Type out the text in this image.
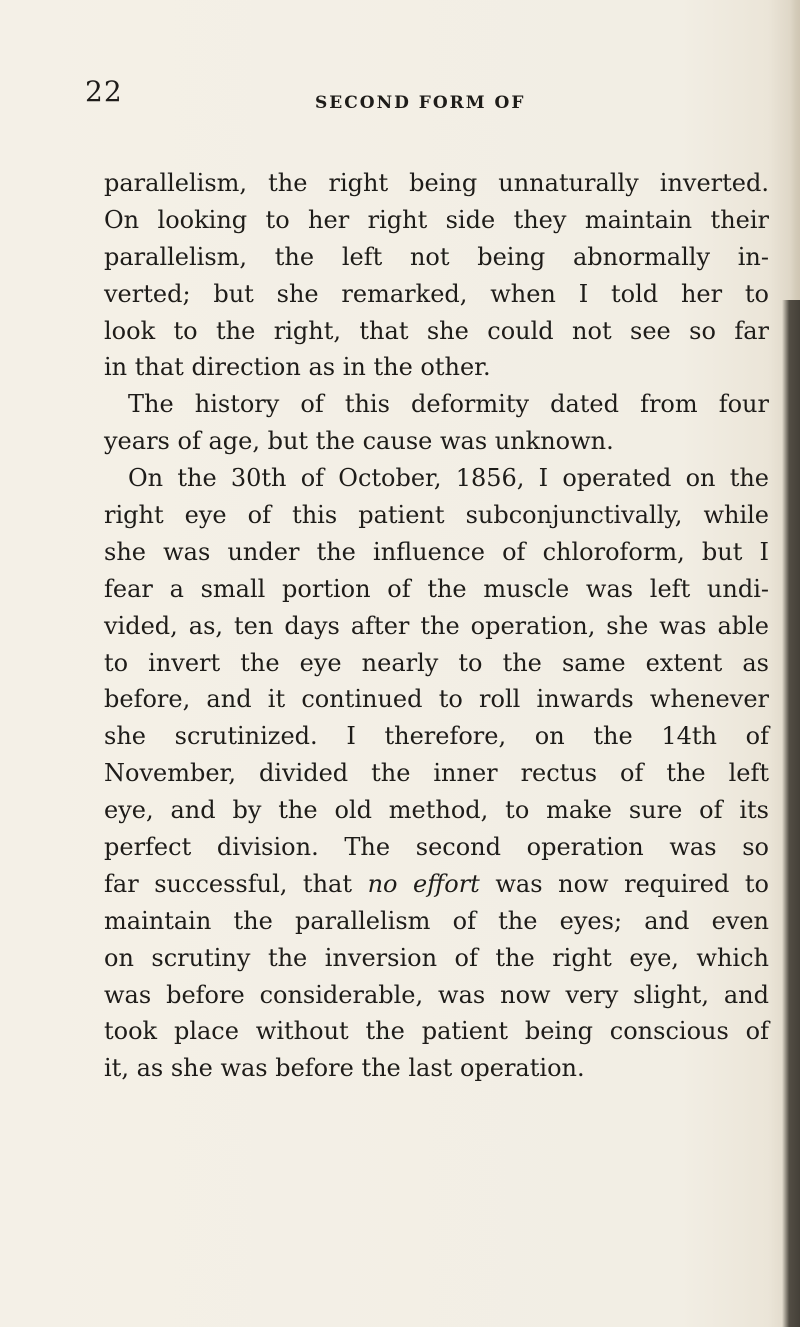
22	SECOND FORM OF
parallelism, the right being unnaturally inverted.
On looking to her right side they maintain their
parallelism, the left not being abnormally in-
verted; but she remarked, when I told her to
look to the right, that she could not see so far
in that direction as in the other.
The history of this deformity dated from four
years of age, but the cause was unknown.
On the 30th of October, 1856, I operated on the
right eye of this patient subconjunctivally, while
she was under the influence of chloroform, but I
fear a small portion of the muscle was left undi-
vided, as, ten days after the operation, she was able
to invert the eye nearly to the same extent as
before, and it continued to roll inwards whenever
she scrutinized. I therefore, on the 14th of
November, divided the inner rectus of the left
eye, and by the old method, to make sure of its
perfect division. The second operation was so
far successful, that no effort was now required to
maintain the parallelism of the eyes; and even
on scrutiny the inversion of the right eye, which
was before considerable, was now very slight, and
took place without the patient being conscious of
it, as she was before the last operation.
